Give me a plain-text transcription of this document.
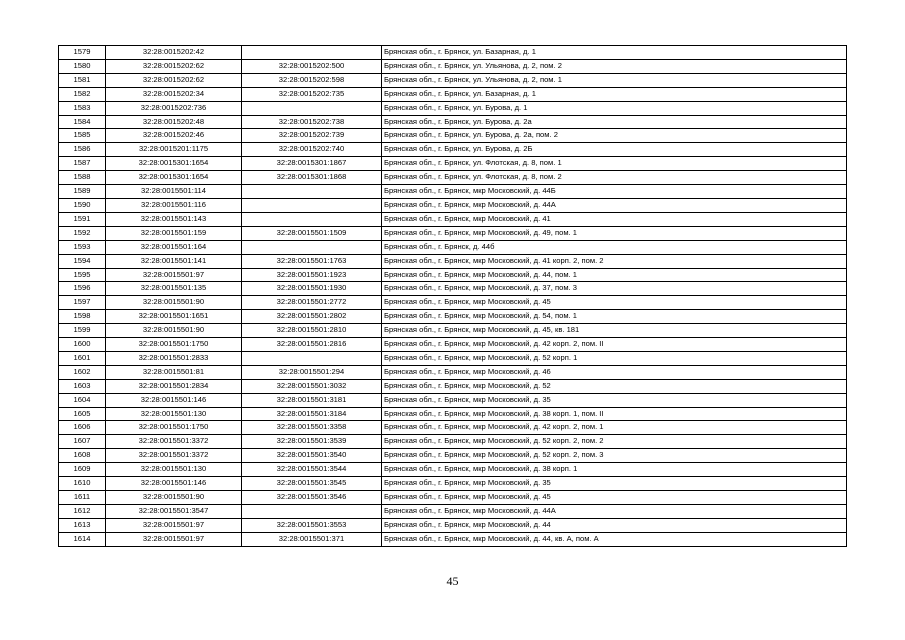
1579	32:28:0015202:42		Брянская обл., г. Брянск, ул. Базарная, д. 1
1580	32:28:0015202:62	32:28:0015202:500	Брянская обл., г. Брянск, ул. Ульянова, д. 2, пом. 2
1581	32:28:0015202:62	32:28:0015202:598	Брянская обл., г. Брянск, ул. Ульянова, д. 2, пом. 1
1582	32:28:0015202:34	32:28:0015202:735	Брянская обл., г. Брянск, ул. Базарная, д. 1
1583	32:28:0015202:736		Брянская обл., г. Брянск, ул. Бурова, д. 1
1584	32:28:0015202:48	32:28:0015202:738	Брянская обл., г. Брянск, ул. Бурова, д. 2а
1585	32:28:0015202:46	32:28:0015202:739	Брянская обл., г. Брянск, ул. Бурова, д. 2а, пом. 2
1586	32:28:0015201:1175	32:28:0015202:740	Брянская обл., г. Брянск, ул. Бурова, д. 2Б
1587	32:28:0015301:1654	32:28:0015301:1867	Брянская обл., г. Брянск, ул. Флотская, д. 8, пом. 1
1588	32:28:0015301:1654	32:28:0015301:1868	Брянская обл., г. Брянск, ул. Флотская, д. 8, пом. 2
1589	32:28:0015501:114		Брянская обл., г. Брянск, мкр Московский, д. 44Б
1590	32:28:0015501:116		Брянская обл., г. Брянск, мкр Московский, д. 44А
1591	32:28:0015501:143		Брянская обл., г. Брянск, мкр Московский, д. 41
1592	32:28:0015501:159	32:28:0015501:1509	Брянская обл., г. Брянск, мкр Московский, д. 49, пом. 1
1593	32:28:0015501:164		Брянская обл., г. Брянск, д. 44б
1594	32:28:0015501:141	32:28:0015501:1763	Брянская обл., г. Брянск, мкр Московский, д. 41 корп. 2, пом. 2
1595	32:28:0015501:97	32:28:0015501:1923	Брянская обл., г. Брянск, мкр Московский, д. 44, пом. 1
1596	32:28:0015501:135	32:28:0015501:1930	Брянская обл., г. Брянск, мкр Московский, д. 37, пом. 3
1597	32:28:0015501:90	32:28:0015501:2772	Брянская обл., г. Брянск, мкр Московский, д. 45
1598	32:28:0015501:1651	32:28:0015501:2802	Брянская обл., г. Брянск, мкр Московский, д. 54, пом. 1
1599	32:28:0015501:90	32:28:0015501:2810	Брянская обл., г. Брянск, мкр Московский, д. 45, кв. 181
1600	32:28:0015501:1750	32:28:0015501:2816	Брянская обл., г. Брянск, мкр Московский, д. 42 корп. 2, пом. II
1601	32:28:0015501:2833		Брянская обл., г. Брянск, мкр Московский, д. 52 корп. 1
1602	32:28:0015501:81	32:28:0015501:294	Брянская обл., г. Брянск, мкр Московский, д. 46
1603	32:28:0015501:2834	32:28:0015501:3032	Брянская обл., г. Брянск, мкр Московский, д. 52
1604	32:28:0015501:146	32:28:0015501:3181	Брянская обл., г. Брянск, мкр Московский, д. 35
1605	32:28:0015501:130	32:28:0015501:3184	Брянская обл., г. Брянск, мкр Московский, д. 38 корп. 1, пом. II
1606	32:28:0015501:1750	32:28:0015501:3358	Брянская обл., г. Брянск, мкр Московский, д. 42 корп. 2, пом. 1
1607	32:28:0015501:3372	32:28:0015501:3539	Брянская обл., г. Брянск, мкр Московский, д. 52 корп. 2, пом. 2
1608	32:28:0015501:3372	32:28:0015501:3540	Брянская обл., г. Брянск, мкр Московский, д. 52 корп. 2, пом. 3
1609	32:28:0015501:130	32:28:0015501:3544	Брянская обл., г. Брянск, мкр Московский, д. 38 корп. 1
1610	32:28:0015501:146	32:28:0015501:3545	Брянская обл., г. Брянск, мкр Московский, д. 35
1611	32:28:0015501:90	32:28:0015501:3546	Брянская обл., г. Брянск, мкр Московский, д. 45
1612	32:28:0015501:3547		Брянская обл., г. Брянск, мкр Московский, д. 44А
1613	32:28:0015501:97	32:28:0015501:3553	Брянская обл., г. Брянск, мкр Московский, д. 44
1614	32:28:0015501:97	32:28:0015501:371	Брянская обл., г. Брянск, мкр Московский, д. 44, кв. А, пом. А
45
